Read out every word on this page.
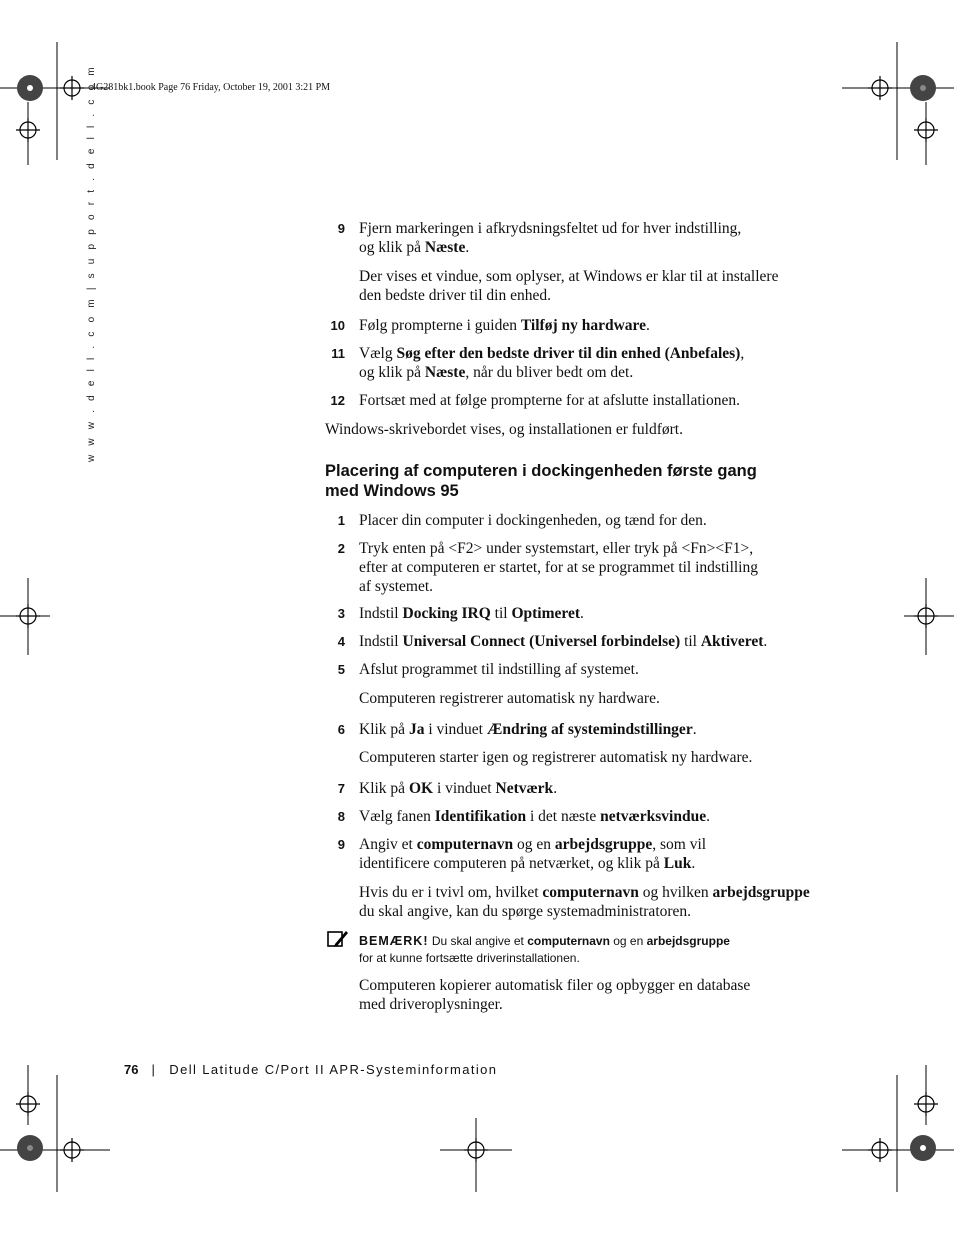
4G281bk1.book Page 76 Friday, October 19, 2001 3:21 PM
w w w . d e l l . c o m | s u p p o r t . d e l l . c o m	9 Fjern markeringen i afkrydsningsfeltet ud for hver indstilling,
og klik på Næste.
Der vises et vindue, som oplyser, at Windows er klar til at installere
den bedste driver til din enhed.
10 Følg prompterne i guiden Tilføj ny hardware.
11 Vælg Søg efter den bedste driver til din enhed (Anbefales),
og klik på Næste, når du bliver bedt om det.
12 Fortsæt med at følge prompterne for at afslutte installationen.
Windows-skrivebordet vises, og installationen er fuldført.
Placering af computeren i dockingenheden første gang
med Windows 95
1 Placer din computer i dockingenheden, og tænd for den.
2 Tryk enten på <F2> under systemstart, eller tryk på <Fn><F1>,
efter at computeren er startet, for at se programmet til indstilling
af systemet.
3 Indstil Docking IRQ til Optimeret.
4 Indstil Universal Connect (Universel forbindelse) til Aktiveret.
5 Afslut programmet til indstilling af systemet.
Computeren registrerer automatisk ny hardware.
6 Klik på Ja i vinduet Ændring af systemindstillinger.
Computeren starter igen og registrerer automatisk ny hardware.
7 Klik på OK i vinduet Netværk.
8 Vælg fanen Identifikation i det næste netværksvindue.
9 Angiv et computernavn og en arbejdsgruppe, som vil
identificere computeren på netværket, og klik på Luk.
Hvis du er i tvivl om, hvilket computernavn og hvilken arbejdsgruppe
du skal angive, kan du spørge systemadministratoren.
BEMÆRK! Du skal angive et computernavn og en arbejdsgruppe
for at kunne fortsætte driverinstallationen.
Computeren kopierer automatisk filer og opbygger en database
med driveroplysninger.
76 | Dell Latitude C/Port II APR-Systeminformation
